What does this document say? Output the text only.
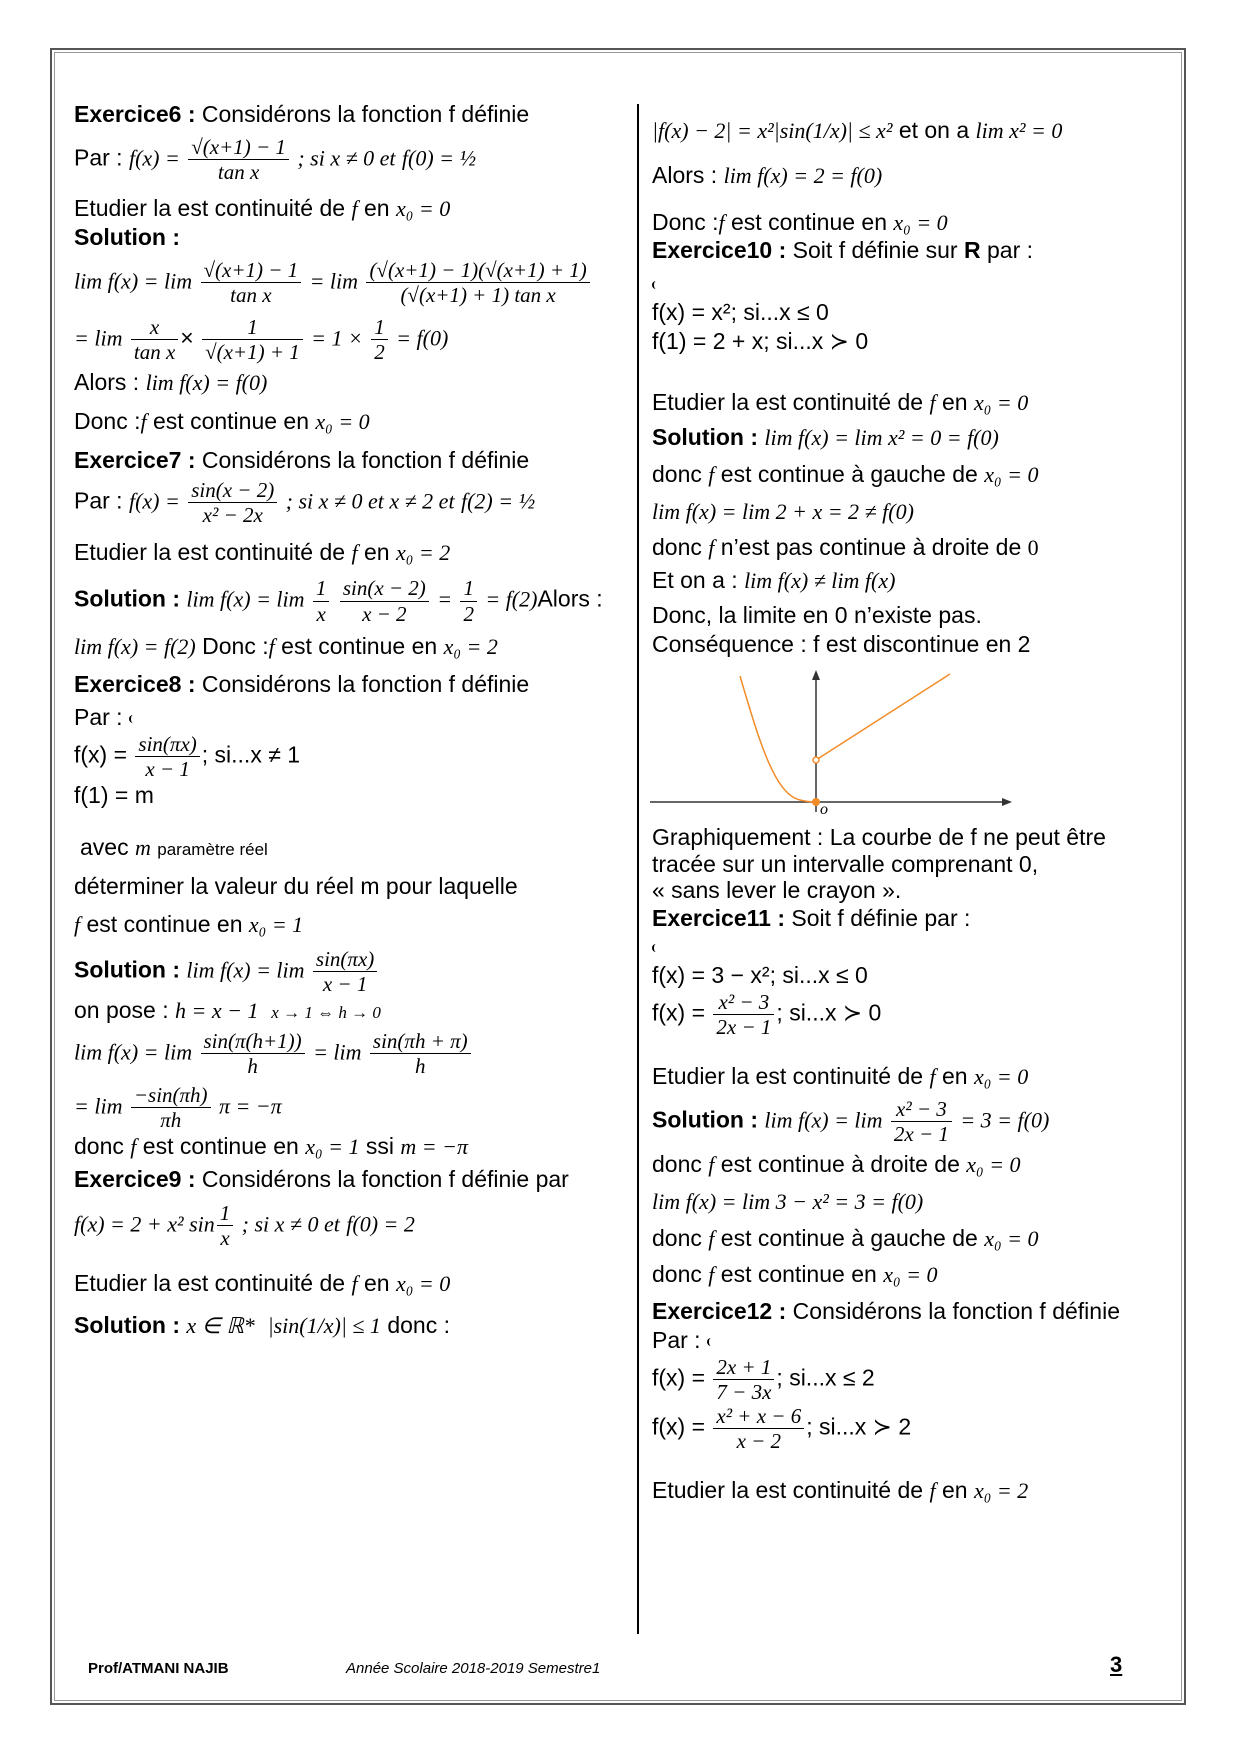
Exercice6 : Considérons la fonction f définie

Par : $f(x) = \frac{√(x+1) - 1}{\text{tan x}}$ ; si x ≠ 0 et f(0) = ½

Etudier la est continuité de f en x₀ = 0

Solution :

$\lim f(x) = \lim \frac{√(x+1) - 1}{\text{tan x}} = \lim \frac{(√(x+1) - 1)(√(x+1) + 1)}{\text{(√(x+1) + 1) tan x}}$

= $\lim \frac{x}{\text{tan x}} \times \frac{1}{√(x+1) + 1} = 1 \times \frac{1}{2} = f(0)$

Alors : lim f(x) = f(0)

Donc :f est continue en x₀ = 0

Exercice7 : Considérons la fonction f définie

Par : $f(x) = \frac{\sin(x - 2)}{\text{x² − 2x}}$ ; si x ≠ 0 et x ≠ 2 et f(2) = ½

Etudier la est continuité de f en x₀ = 2

Solution : $\lim f(x) = \lim \frac{1}{x}$
$\frac{\sin(x - 2)}{x - 2} = \frac{1}{2}$ = f(2)Alors :

lim f(x) = f(2) Donc :f est continue en x₀ = 2

Exercice8 : Considérons la fonction f définie

Par :

$f(x) = \frac{\sin(\pi x)}{x - 1}$ ; si...x ≠ 1
f(1) = m

avec m paramètre réel

déterminer la valeur du réel m pour laquelle

f est continue en x₀ = 1

Solution : $\lim f(x) = \lim \frac{\sin(\pi x)}{x - 1}$

on pose : h = x − 1 x → 1 ⇔ h → 0

$\lim f(x) = \lim \frac{\sin(\pi(h+1))}{h} = \lim \frac{\sin(\pi h + \pi)}{h}$

= $\lim \frac{-\sin(\pi h)}{\pi h}$ π = −π

donc f est continue en x₀ = 1 ssi m = −π

Exercice9 : Considérons la fonction f définie par

f(x) = 2 + x² $\sin \frac{1}{x}$ ; si x ≠ 0 et f(0) = 2

Etudier la est continuité de f en x₀ = 0

Solution : x ∈ ℝ* |sin(1/x)| ≤ 1 donc :

|f(x) − 2| = x²|sin(1/x)| ≤ x² et on a lim x² = 0

Alors : lim f(x) = 2 = f(0)

Donc :f est continue en x₀ = 0

Exercice10 : Soit f définie sur R par :

f(x) = x²; si...x ≤ 0
f(1) = 2 + x; si...x ≻ 0

Etudier la est continuité de f en x₀ = 0

Solution : lim f(x) = lim x² = 0 = f(0)

donc f est continue à gauche de x₀ = 0

lim f(x) = lim 2 + x = 2 ≠ f(0)

donc f n’est pas continue à droite de 0

Et on a : lim f(x) ≠ lim f(x)

Donc, la limite en 0 n’existe pas.

Conséquence : f est discontinue en 2

o

Graphiquement : La courbe de f ne peut être

tracée sur un intervalle comprenant 0,

« sans lever le crayon ».

Exercice11 : Soit f définie par :

f(x) = 3 − x²; si...x ≤ 0
$f(x) = \frac{\text{x² − 3}}{2x - 1}$ ; si...x ≻ 0

Etudier la est continuité de f en x₀ = 0

Solution : $\lim f(x) = \lim \frac{\text{x² − 3}}{2x - 1} = 3 = f(0)$

donc f est continue à droite de x₀ = 0

lim f(x) = lim 3 − x² = 3 = f(0)

donc f est continue à gauche de x₀ = 0

donc f est continue en x₀ = 0

Exercice12 : Considérons la fonction f définie

Par :

$f(x) = \frac{2x + 1}{7 - 3x}$ ; si...x ≤ 2
$f(x) = \frac{\text{x² + x − 6}}{x - 2}$ ; si...x ≻ 2

Etudier la est continuité de f en x₀ = 2

Prof/ATMANI NAJIB	Année Scolaire 2018-2019 Semestre1	3
